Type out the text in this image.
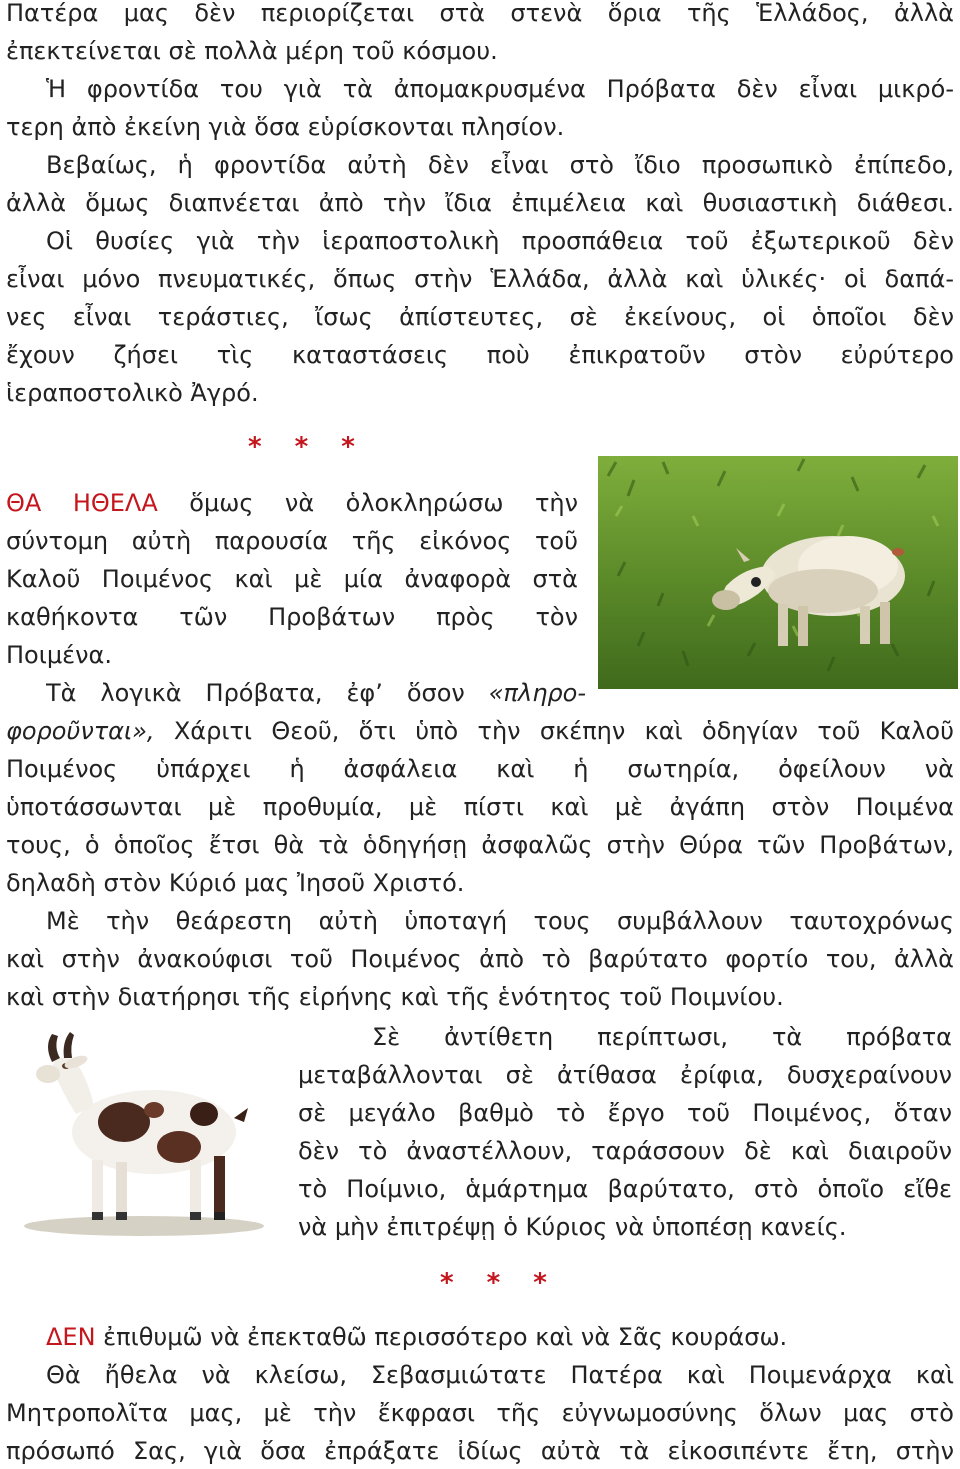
Πατέρα μας δὲν περιορίζεται στὰ στενὰ ὅρια τῆς Ἑλλάδος, ἀλλὰ
ἐπεκτείνεται σὲ πολλὰ μέρη τοῦ κόσμου.
Ἡ φροντίδα του γιὰ τὰ ἀπομακρυσμένα Πρόβατα δὲν εἶναι μικρό-
τερη ἀπὸ ἐκείνη γιὰ ὅσα εὑρίσκονται πλησίον.
Βεβαίως, ἡ φροντίδα αὐτὴ δὲν εἶναι στὸ ἴδιο προσωπικὸ ἐπίπεδο,
ἀλλὰ ὅμως διαπνέεται ἀπὸ τὴν ἴδια ἐπιμέλεια καὶ θυσιαστικὴ διάθεσι.
Οἱ θυσίες γιὰ τὴν ἱεραποστολικὴ προσπάθεια τοῦ ἐξωτερικοῦ δὲν
εἶναι μόνο πνευματικές, ὅπως στὴν Ἑλλάδα, ἀλλὰ καὶ ὑλικές· οἱ δαπά-
νες εἶναι τεράστιες, ἴσως ἀπίστευτες, σὲ ἐκείνους, οἱ ὁποῖοι δὲν
ἔχουν ζήσει τὶς καταστάσεις ποὺ ἐπικρατοῦν στὸν εὐρύτερο
ἱεραποστολικὸ Ἀγρό.
* * *
ΘΑ ΗΘΕΛΑ ὅμως νὰ ὁλοκληρώσω τὴν
σύντομη αὐτὴ παρουσία τῆς εἰκόνος τοῦ
Καλοῦ Ποιμένος καὶ μὲ μία ἀναφορὰ στὰ
καθήκοντα τῶν Προβάτων πρὸς τὸν
Ποιμένα.
Τὰ λογικὰ Πρόβατα, ἐφ’ ὅσον «πληρο-
φοροῦνται», Χάριτι Θεοῦ, ὅτι ὑπὸ τὴν σκέπην καὶ ὁδηγίαν τοῦ Καλοῦ
Ποιμένος ὑπάρχει ἡ ἀσφάλεια καὶ ἡ σωτηρία, ὀφείλουν νὰ
ὑποτάσσωνται μὲ προθυμία, μὲ πίστι καὶ μὲ ἀγάπη στὸν Ποιμένα
τους, ὁ ὁποῖος ἔτσι θὰ τὰ ὁδηγήσῃ ἀσφαλῶς στὴν Θύρα τῶν Προβάτων,
δηλαδὴ στὸν Κύριό μας Ἰησοῦ Χριστό.
Μὲ τὴν θεάρεστη αὐτὴ ὑποταγή τους συμβάλλουν ταυτοχρόνως
καὶ στὴν ἀνακούφισι τοῦ Ποιμένος ἀπὸ τὸ βαρύτατο φορτίο του, ἀλλὰ
καὶ στὴν διατήρησι τῆς εἰρήνης καὶ τῆς ἑνότητος τοῦ Ποιμνίου.
Σὲ ἀντίθετη περίπτωσι, τὰ πρόβατα
μεταβάλλονται σὲ ἀτίθασα ἐρίφια, δυσχεραίνουν
σὲ μεγάλο βαθμὸ τὸ ἔργο τοῦ Ποιμένος, ὅταν
δὲν τὸ ἀναστέλλουν, ταράσσουν δὲ καὶ διαιροῦν
τὸ Ποίμνιο, ἁμάρτημα βαρύτατο, στὸ ὁποῖο εἴθε
νὰ μὴν ἐπιτρέψῃ ὁ Κύριος νὰ ὑποπέσῃ κανείς.
* * *
ΔΕΝ ἐπιθυμῶ νὰ ἐπεκταθῶ περισσότερο καὶ νὰ Σᾶς κουράσω.
Θὰ ἤθελα νὰ κλείσω, Σεβασμιώτατε Πατέρα καὶ Ποιμενάρχα καὶ
Μητροπολῖτα μας, μὲ τὴν ἔκφρασι τῆς εὐγνωμοσύνης ὅλων μας στὸ
πρόσωπό Σας, γιὰ ὅσα ἐπράξατε ἰδίως αὐτὰ τὰ εἰκοσιπέντε ἔτη, στὴν
